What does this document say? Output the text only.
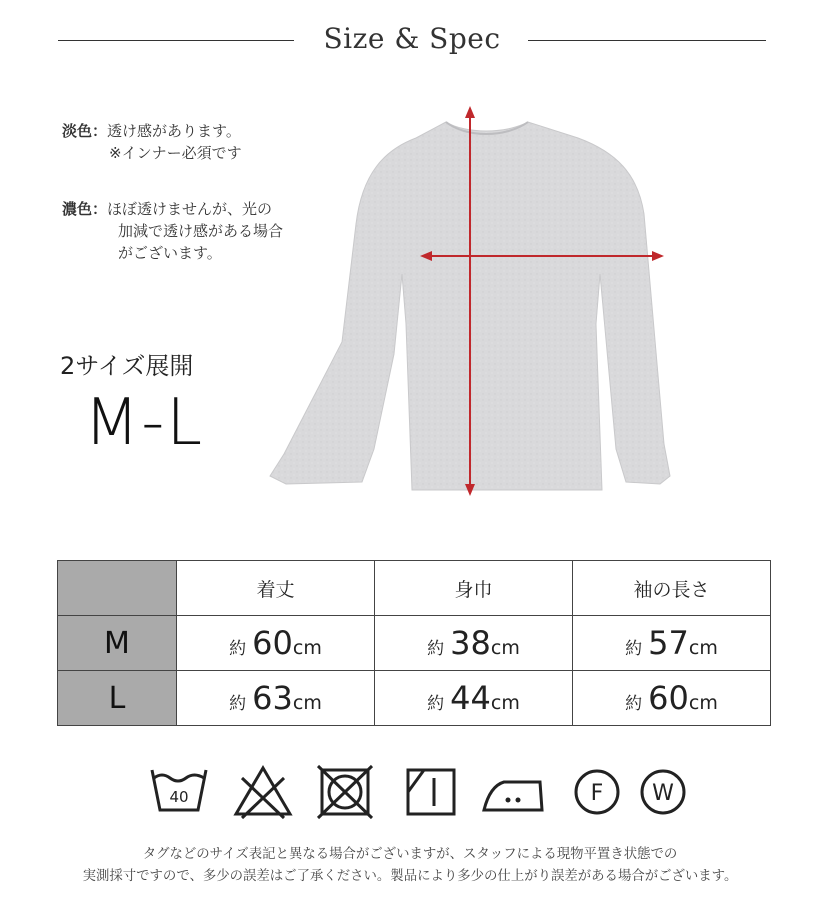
Size & Spec
淡色：透け感があります。
※インナー必須です
濃色：ほぼ透けませんが、光の
加減で透け感がある場合
がございます。
2サイズ展開
M-L
	着丈	身巾	袖の長さ
M	約 60cm	約 38cm	約 57cm
L	約 63cm	約 44cm	約 60cm
40	F W
タグなどのサイズ表記と異なる場合がございますが、スタッフによる現物平置き状態での
実測採寸ですので、多少の誤差はご了承ください。製品により多少の仕上がり誤差がある場合がございます。
